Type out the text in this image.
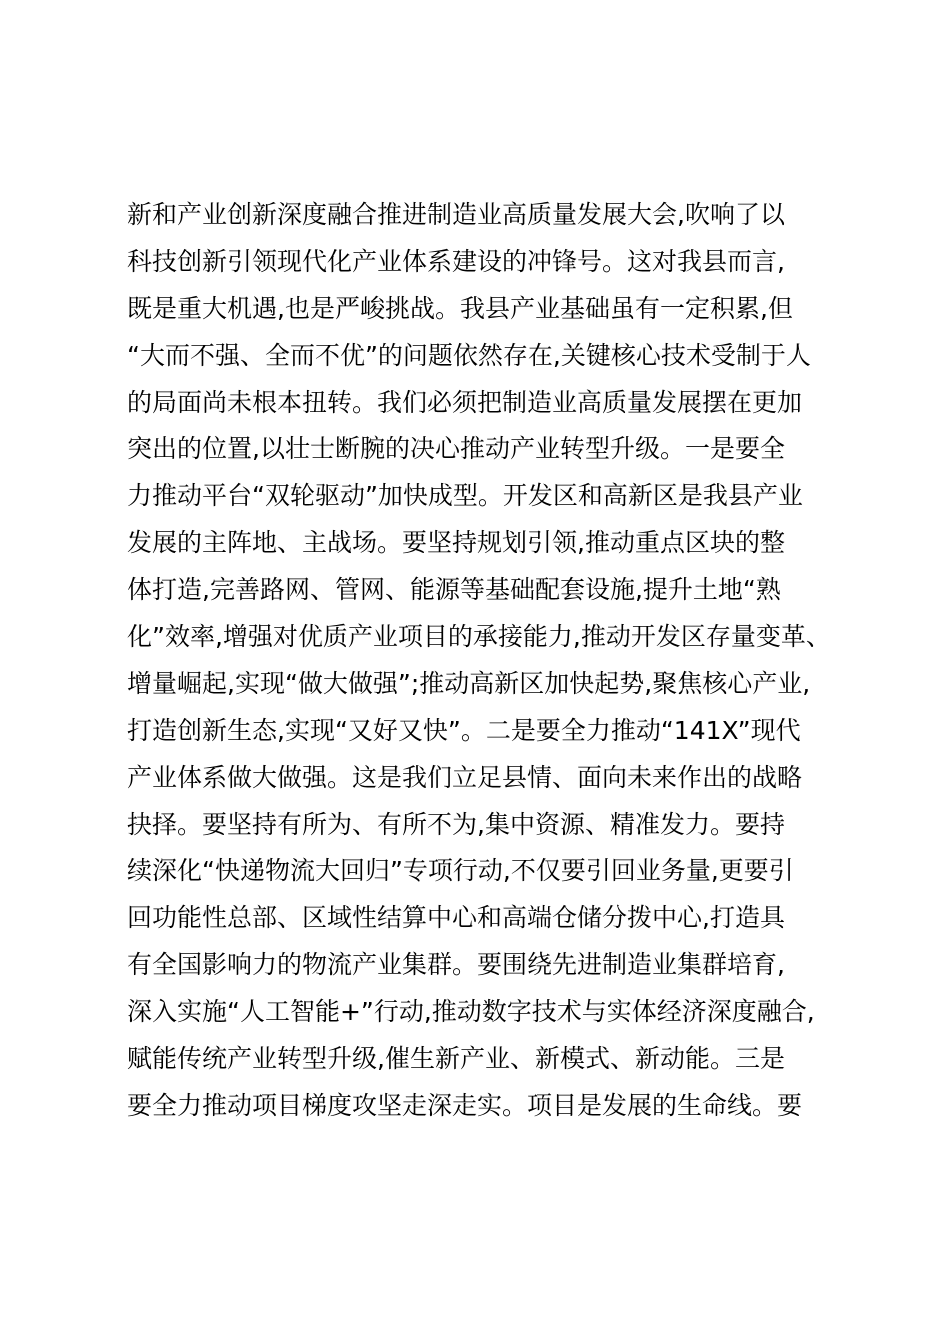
新和产业创新深度融合推进制造业高质量发展大会,吹响了以
科技创新引领现代化产业体系建设的冲锋号。这对我县而言,
既是重大机遇,也是严峻挑战。我县产业基础虽有一定积累,但
“大而不强、全而不优”的问题依然存在,关键核心技术受制于人
的局面尚未根本扭转。我们必须把制造业高质量发展摆在更加
突出的位置,以壮士断腕的决心推动产业转型升级。一是要全
力推动平台“双轮驱动”加快成型。开发区和高新区是我县产业
发展的主阵地、主战场。要坚持规划引领,推动重点区块的整
体打造,完善路网、管网、能源等基础配套设施,提升土地“熟
化”效率,增强对优质产业项目的承接能力,推动开发区存量变革、
增量崛起,实现“做大做强”;推动高新区加快起势,聚焦核心产业,
打造创新生态,实现“又好又快”。二是要全力推动“141X”现代
产业体系做大做强。这是我们立足县情、面向未来作出的战略
抉择。要坚持有所为、有所不为,集中资源、精准发力。要持
续深化“快递物流大回归”专项行动,不仅要引回业务量,更要引
回功能性总部、区域性结算中心和高端仓储分拨中心,打造具
有全国影响力的物流产业集群。要围绕先进制造业集群培育,
深入实施“人工智能+”行动,推动数字技术与实体经济深度融合,
赋能传统产业转型升级,催生新产业、新模式、新动能。三是
要全力推动项目梯度攻坚走深走实。项目是发展的生命线。要
